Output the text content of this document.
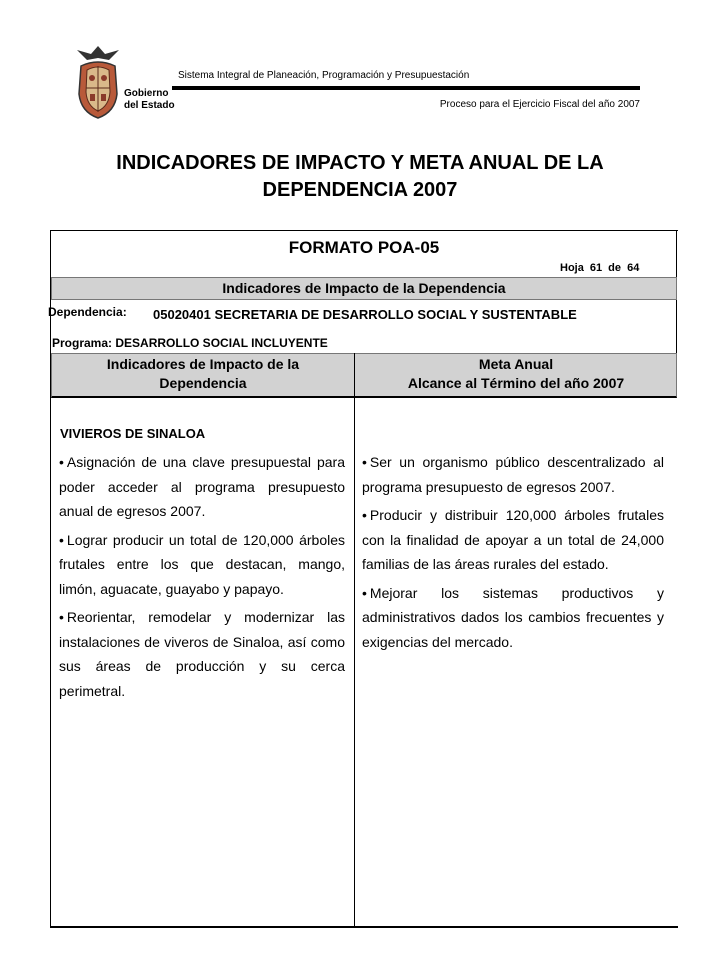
Gobierno
del Estado
Sistema Integral de Planeación, Programación y Presupuestación
Proceso para el Ejercicio Fiscal del año 2007
INDICADORES DE IMPACTO Y META ANUAL DE LA
DEPENDENCIA 2007
FORMATO POA-05
Hoja 61 de 64
Indicadores de Impacto de la Dependencia
Dependencia: 05020401 SECRETARIA DE DESARROLLO SOCIAL Y SUSTENTABLE
Programa: DESARROLLO SOCIAL INCLUYENTE
Indicadores de Impacto de la
Dependencia
Meta Anual
Alcance al Término del año 2007
VIVIEROS DE SINALOA
• Asignación de una clave presupuestal para poder acceder al programa presupuesto anual de egresos 2007.
• Lograr producir un total de 120,000 árboles frutales entre los que destacan, mango, limón, aguacate, guayabo y papayo.
• Reorientar, remodelar y modernizar las instalaciones de viveros de Sinaloa, así como sus áreas de producción y su cerca perimetral.
• Ser un organismo público descentralizado al programa presupuesto de egresos 2007.
• Producir y distribuir 120,000 árboles frutales con la finalidad de apoyar a un total de 24,000 familias de las áreas rurales del estado.
• Mejorar los sistemas productivos y administrativos dados los cambios frecuentes y exigencias del mercado.
